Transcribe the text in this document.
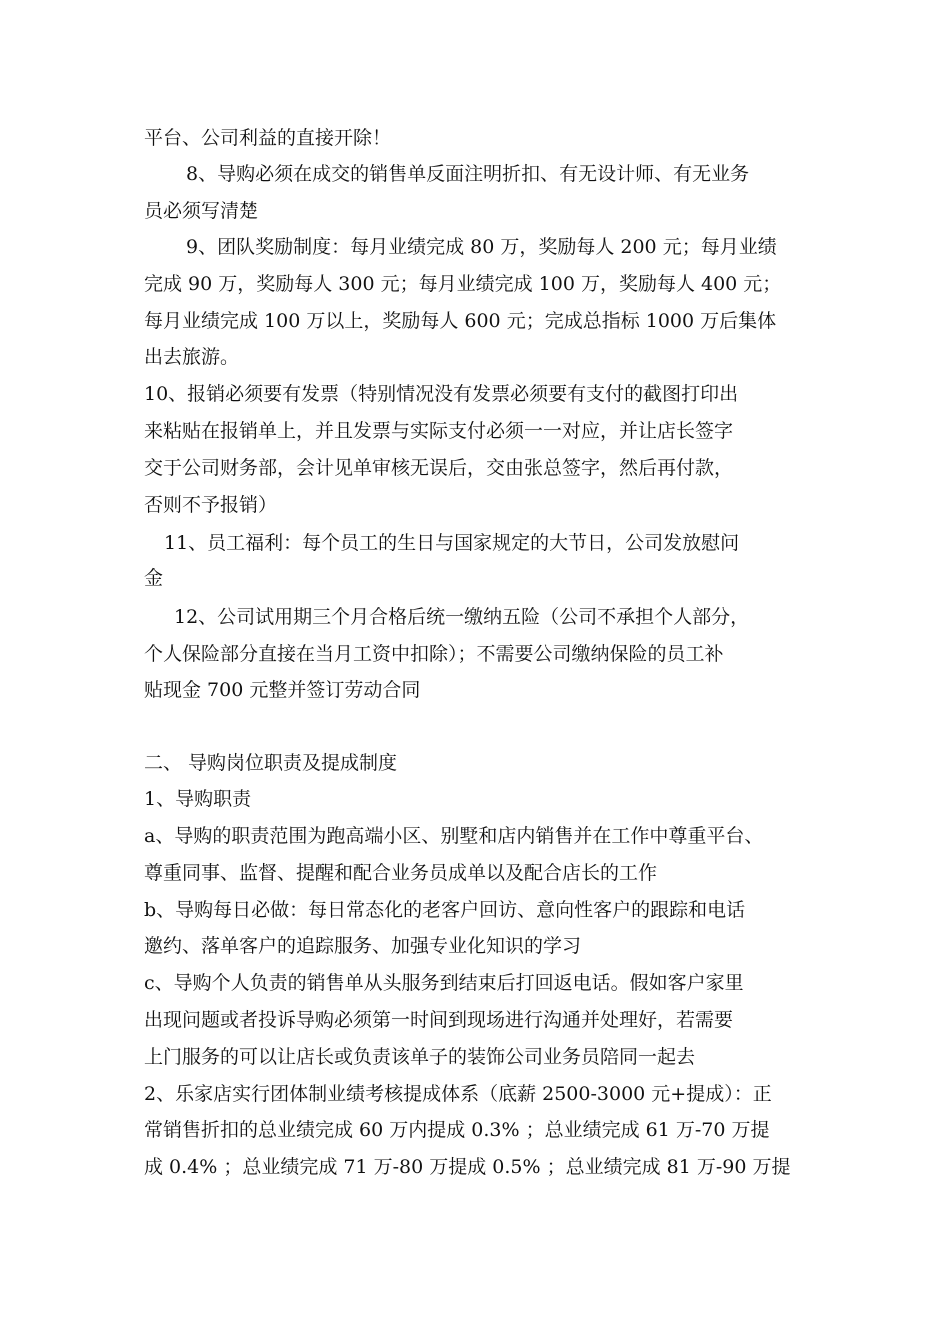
平台、公司利益的直接开除！
8、导购必须在成交的销售单反面注明折扣、有无设计师、有无业务
员必须写清楚
9、团队奖励制度：每月业绩完成 80 万，奖励每人 200 元；每月业绩
完成 90 万，奖励每人 300 元；每月业绩完成 100 万，奖励每人 400 元；
每月业绩完成 100 万以上，奖励每人 600 元；完成总指标 1000 万后集体
出去旅游。
10、报销必须要有发票（特别情况没有发票必须要有支付的截图打印出
来粘贴在报销单上，并且发票与实际支付必须一一对应，并让店长签字
交于公司财务部，会计见单审核无误后，交由张总签字，然后再付款，
否则不予报销）
11、员工福利：每个员工的生日与国家规定的大节日，公司发放慰问
金
12、公司试用期三个月合格后统一缴纳五险（公司不承担个人部分，
个人保险部分直接在当月工资中扣除）；不需要公司缴纳保险的员工补
贴现金 700 元整并签订劳动合同
二、 导购岗位职责及提成制度
1、导购职责
a、导购的职责范围为跑高端小区、别墅和店内销售并在工作中尊重平台、
尊重同事、监督、提醒和配合业务员成单以及配合店长的工作
b、导购每日必做：每日常态化的老客户回访、意向性客户的跟踪和电话
邀约、落单客户的追踪服务、加强专业化知识的学习
c、导购个人负责的销售单从头服务到结束后打回返电话。假如客户家里
出现问题或者投诉导购必须第一时间到现场进行沟通并处理好，若需要
上门服务的可以让店长或负责该单子的装饰公司业务员陪同一起去
2、乐家店实行团体制业绩考核提成体系（底薪 2500-3000 元+提成）：正
常销售折扣的总业绩完成 60 万内提成 0.3% ；总业绩完成 61 万-70 万提
成 0.4% ；总业绩完成 71 万-80 万提成 0.5% ；总业绩完成 81 万-90 万提
